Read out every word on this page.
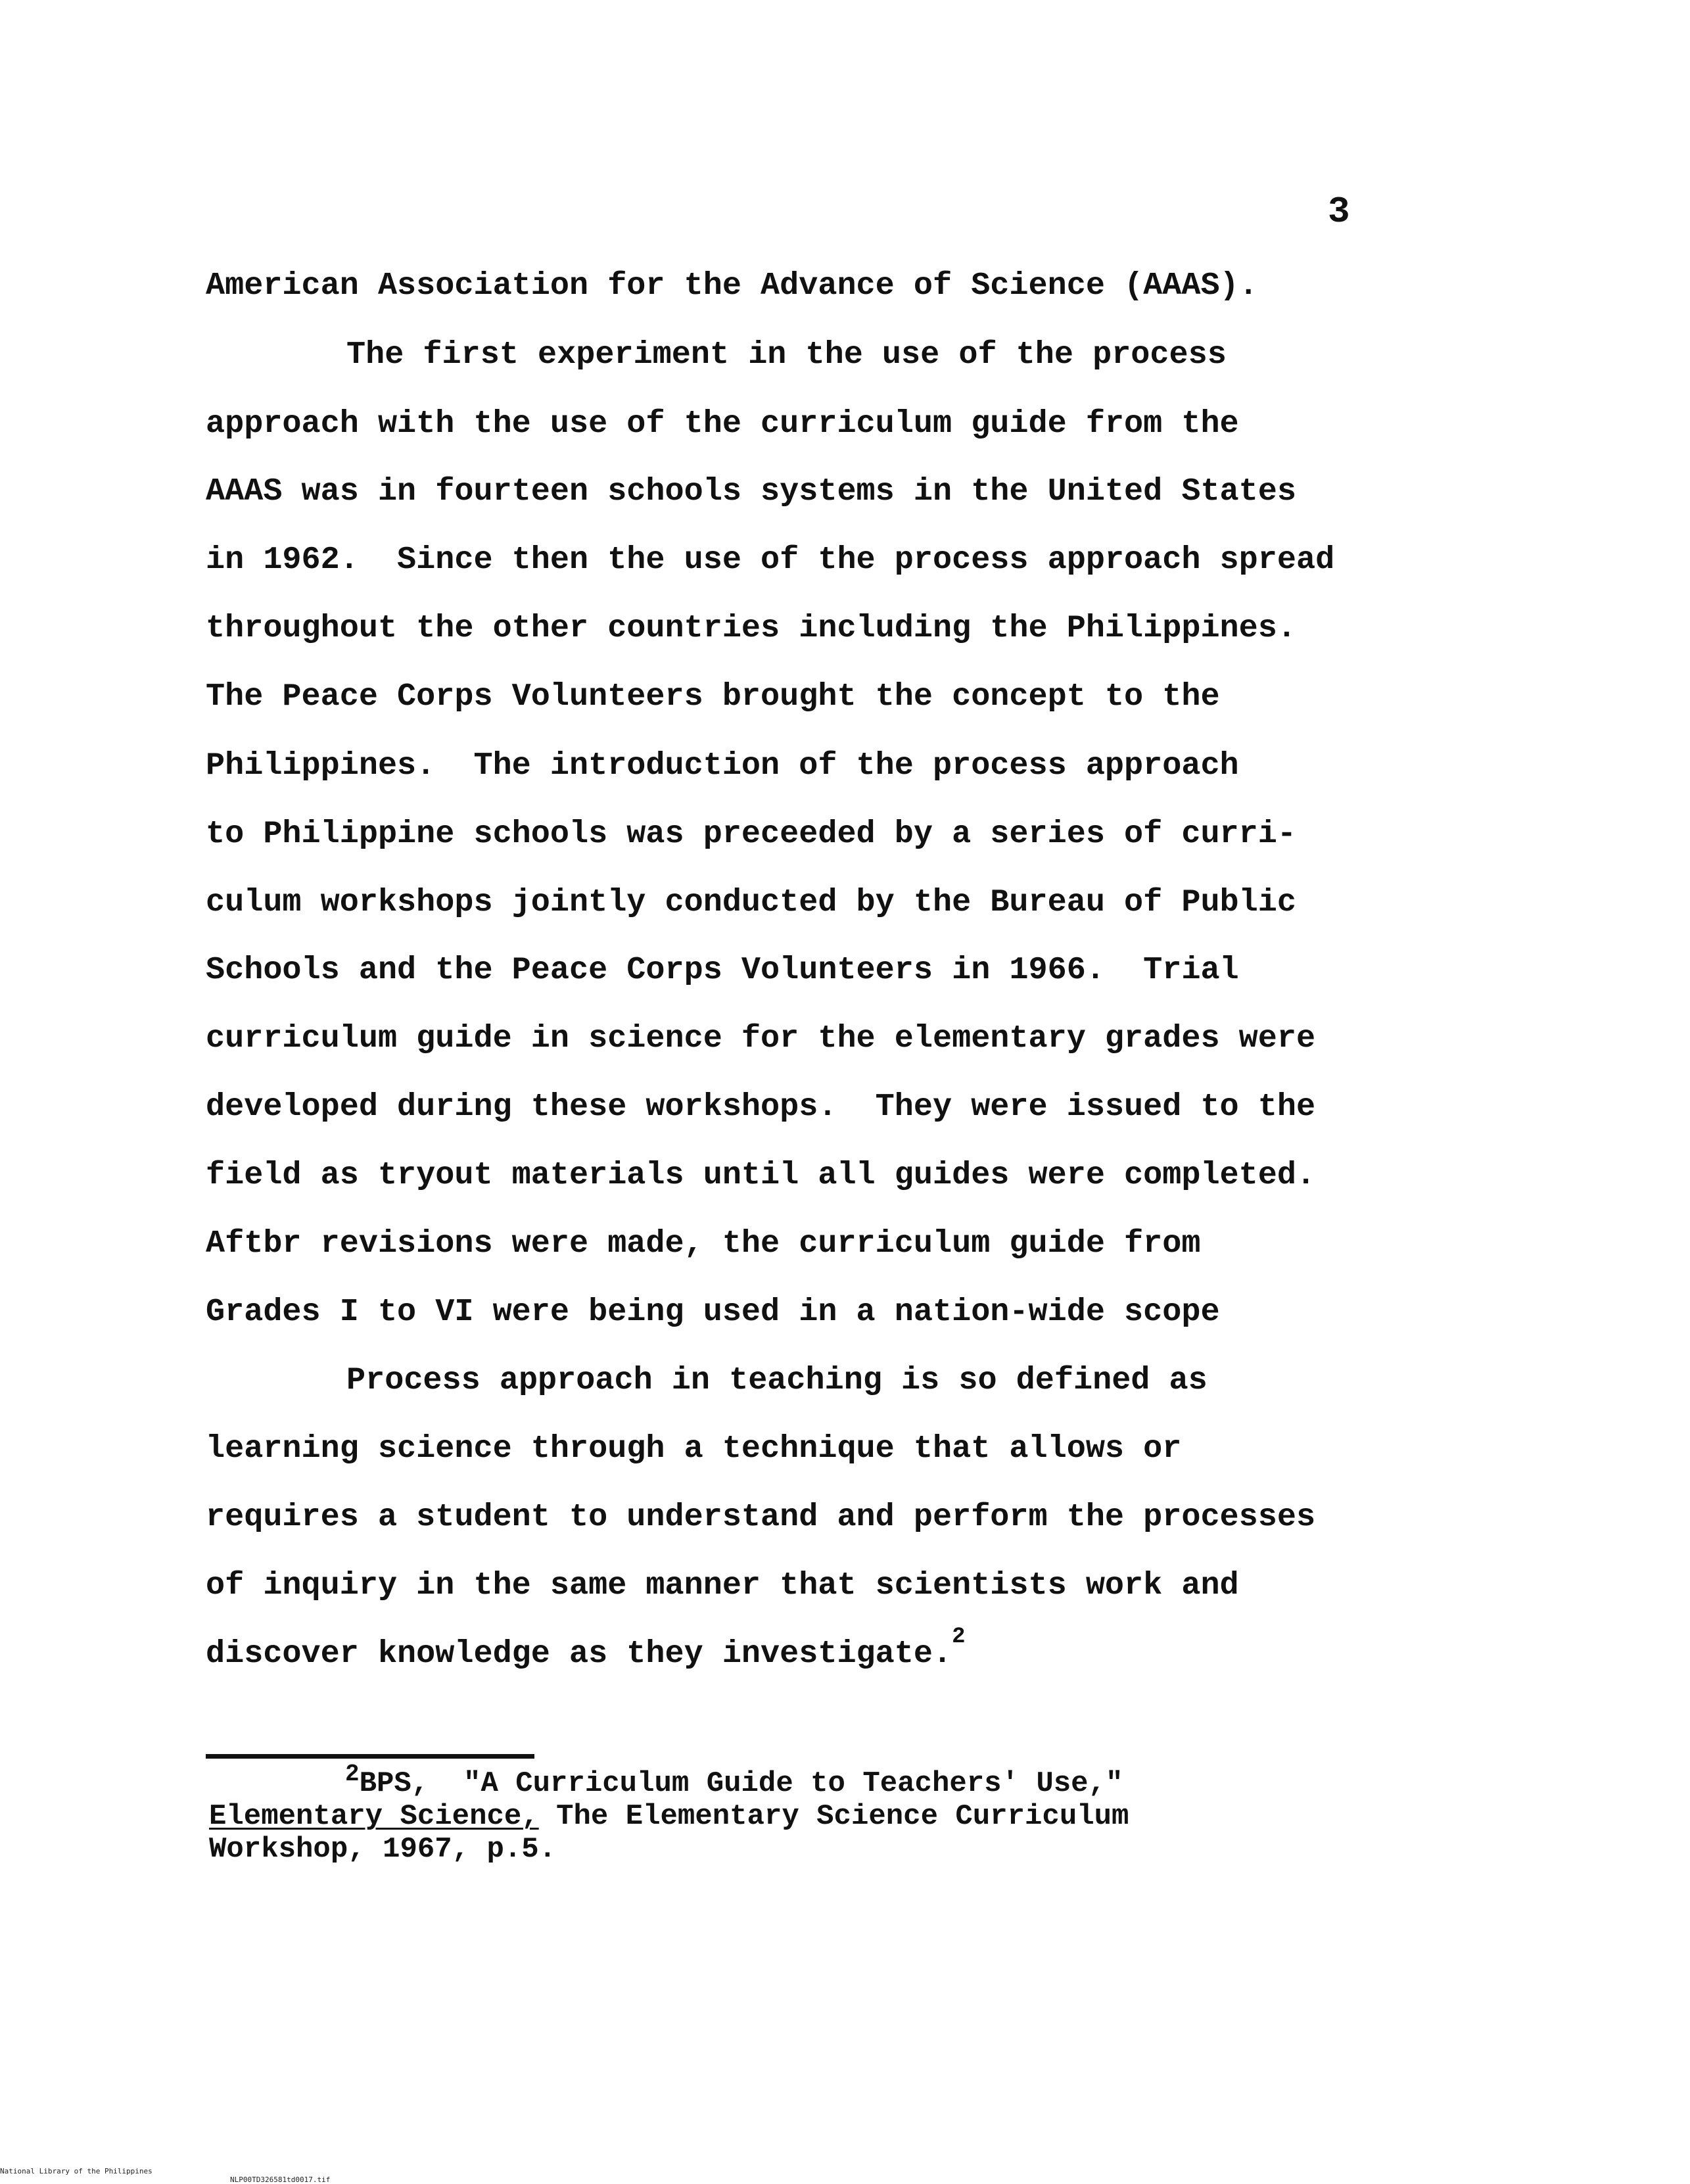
3
American Association for the Advance of Science (AAAS).
The first experiment in the use of the process
approach with the use of the curriculum guide from the
AAAS was in fourteen schools systems in the United States
in 1962.  Since then the use of the process approach spread
throughout the other countries including the Philippines.
The Peace Corps Volunteers brought the concept to the
Philippines.  The introduction of the process approach
to Philippine schools was preceeded by a series of curri-
culum workshops jointly conducted by the Bureau of Public
Schools and the Peace Corps Volunteers in 1966.  Trial
curriculum guide in science for the elementary grades were
developed during these workshops.  They were issued to the
field as tryout materials until all guides were completed.
Aftbr revisions were made, the curriculum guide from
Grades I to VI were being used in a nation-wide scope
Process approach in teaching is so defined as
learning science through a technique that allows or
requires a student to understand and perform the processes
of inquiry in the same manner that scientists work and
discover knowledge as they investigate.$^2$
$^2$BPS,  "A Curriculum Guide to Teachers' Use,"
Elementary Science, The Elementary Science Curriculum
Workshop, 1967, p.5.

National Library of the Philippines

NLP00TD326581td0017.tif
